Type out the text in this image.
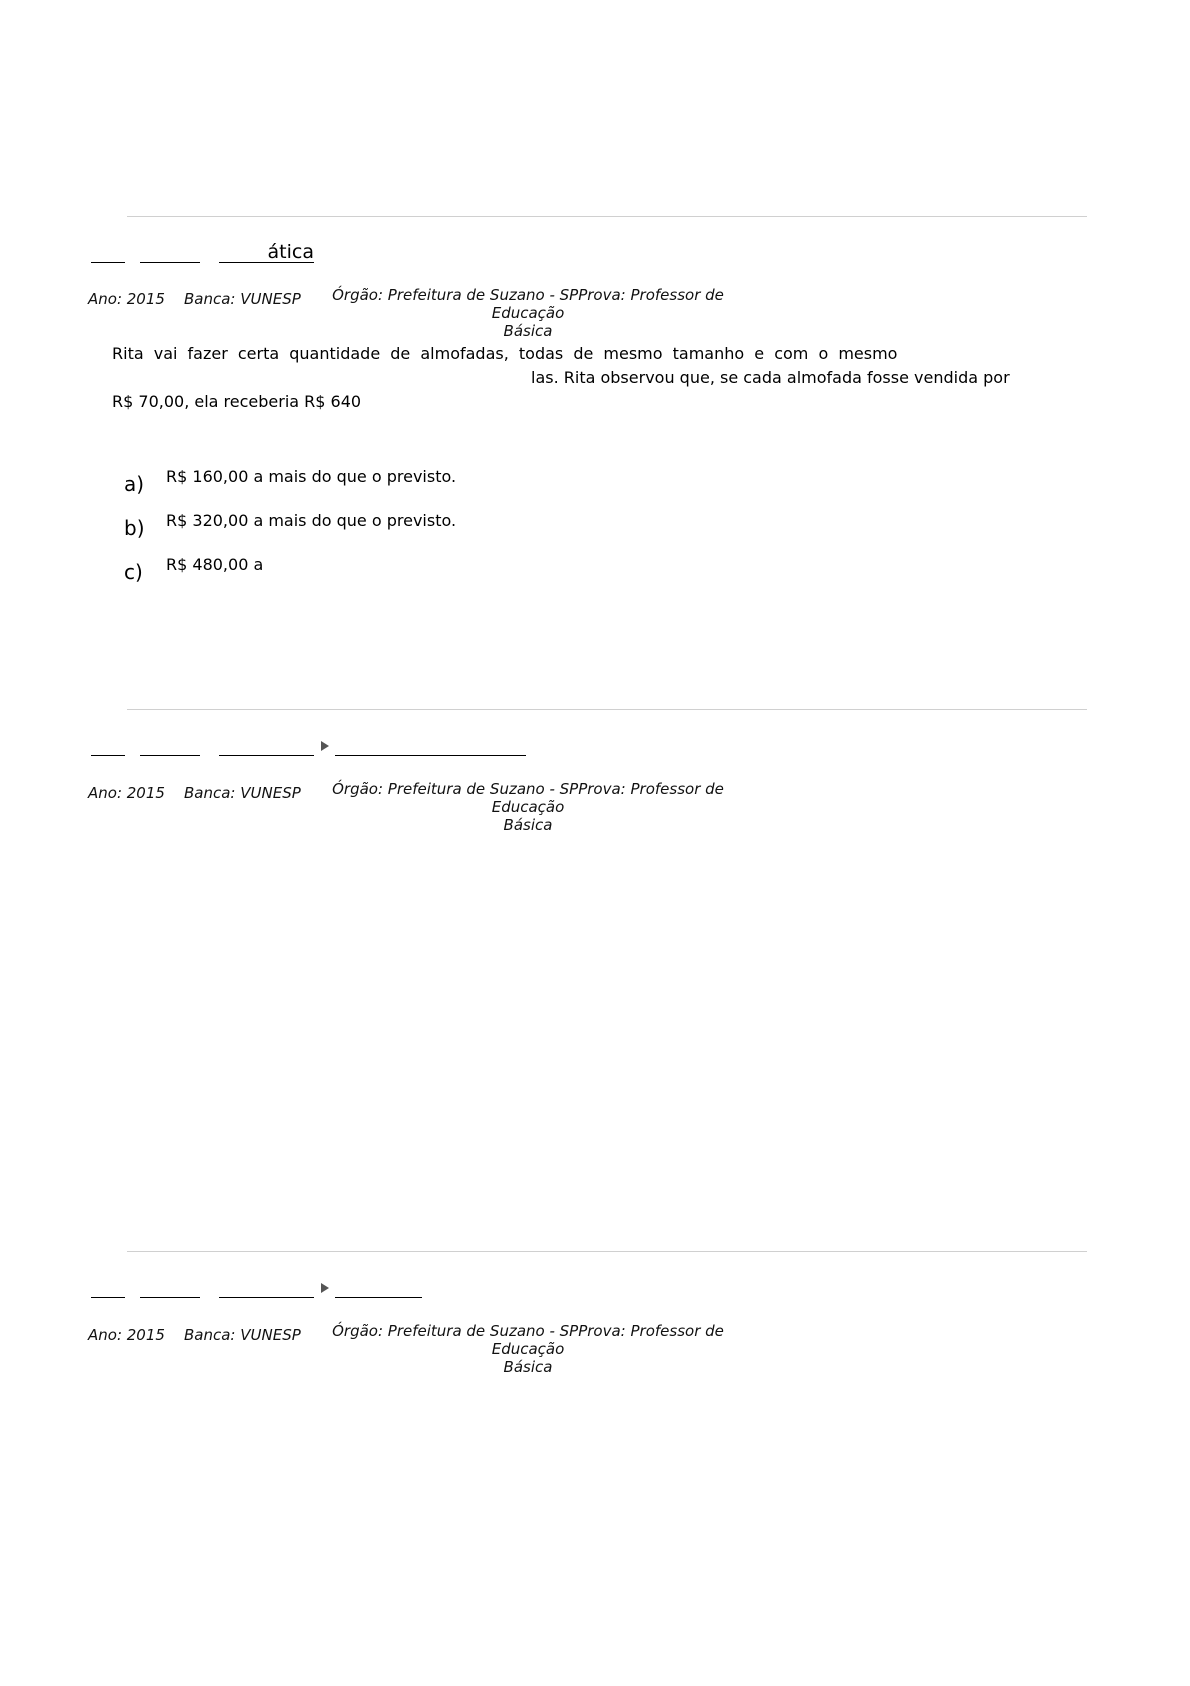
ática
Ano: 2015 Banca: VUNESP	Órgão: Prefeitura de Suzano - SPProva: Professor de Educação
Básica
Rita vai fazer certa quantidade de almofadas, todas de mesmo tamanho e com o mesmo
las. Rita observou que, se cada almofada fosse vendida por
R$ 70,00, ela receberia R$ 640
a) R$ 160,00 a mais do que o previsto.
b) R$ 320,00 a mais do que o previsto.
c) R$ 480,00 a
Ano: 2015 Banca: VUNESP	Órgão: Prefeitura de Suzano - SPProva: Professor de Educação
Básica
Ano: 2015 Banca: VUNESP	Órgão: Prefeitura de Suzano - SPProva: Professor de Educação
Básica
